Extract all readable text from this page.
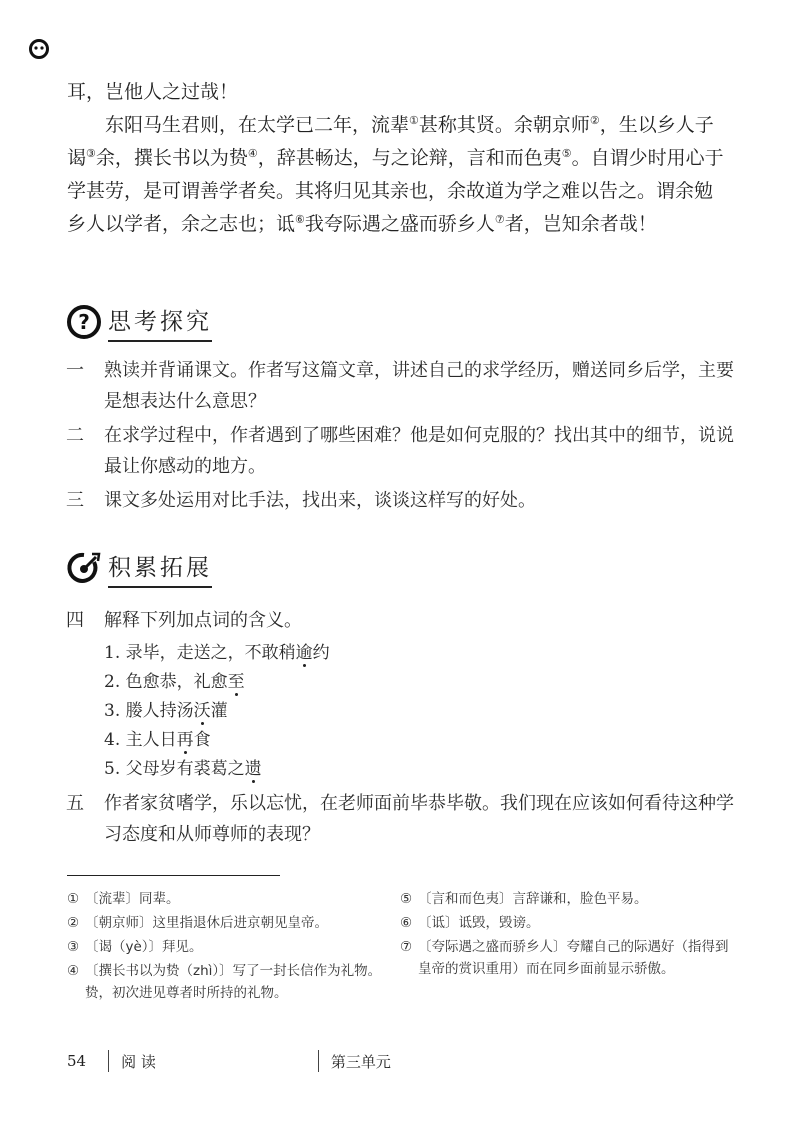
耳，岂他人之过哉！

东阳马生君则，在太学已二年，流辈①甚称其贤。余朝京师②，生以乡人子谒③余，撰长书以为贽④，辞甚畅达，与之论辩，言和而色夷⑤。自谓少时用心于学甚劳，是可谓善学者矣。其将归见其亲也，余故道为学之难以告之。谓余勉乡人以学者，余之志也；诋⑥我夸际遇之盛而骄乡人⑦者，岂知余者哉！

? 思考探究
一	熟读并背诵课文。作者写这篇文章，讲述自己的求学经历，赠送同乡后学，主要是想表达什么意思？
二	在求学过程中，作者遇到了哪些困难？他是如何克服的？找出其中的细节，说说最让你感动的地方。
三	课文多处运用对比手法，找出来，谈谈这样写的好处。
积累拓展
四	解释下列加点词的含义。
1. 录毕，走送之，不敢稍逾约
2. 色愈恭，礼愈至
3. 媵人持汤沃灌
4. 主人日再食
5. 父母岁有裘葛之遗
五	作者家贫嗜学，乐以忘忧，在老师面前毕恭毕敬。我们现在应该如何看待这种学习态度和从师尊师的表现？
① 〔流辈〕同辈。
② 〔朝京师〕这里指退休后进京朝见皇帝。
③ 〔谒（yè）〕拜见。
④ 〔撰长书以为贽（zhì）〕写了一封长信作为礼物。贽，初次进见尊者时所持的礼物。
⑤ 〔言和而色夷〕言辞谦和，脸色平易。
⑥ 〔诋〕诋毁，毁谤。
⑦ 〔夸际遇之盛而骄乡人〕夸耀自己的际遇好（指得到皇帝的赏识重用）而在同乡面前显示骄傲。
54 阅 读	第三单元
